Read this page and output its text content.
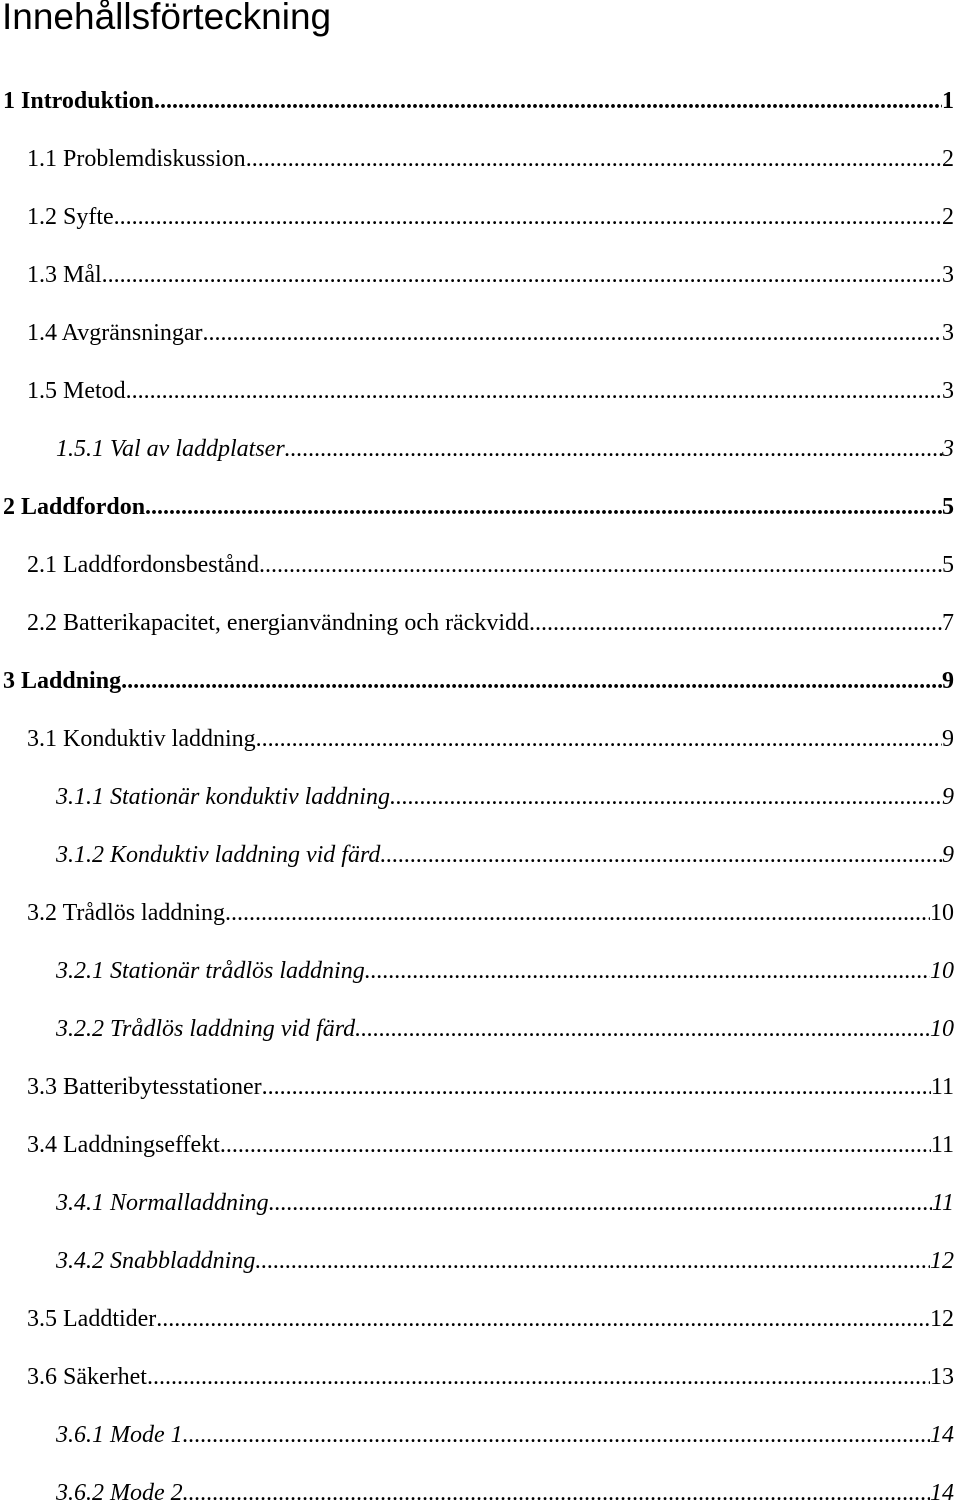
Innehållsförteckning
1 Introduktion .....	1
1.1 Problemdiskussion .....	2
1.2 Syfte .....	2
1.3 Mål .....	3
1.4 Avgränsningar .....	3
1.5 Metod .....	3
1.5.1 Val av laddplatser .....	3
2 Laddfordon .....	5
2.1 Laddfordonsbestånd .....	5
2.2 Batterikapacitet, energianvändning och räckvidd .....	7
3 Laddning .....	9
3.1 Konduktiv laddning .....	9
3.1.1 Stationär konduktiv laddning .....	9
3.1.2 Konduktiv laddning vid färd .....	9
3.2 Trådlös laddning .....	10
3.2.1 Stationär trådlös laddning .....	10
3.2.2 Trådlös laddning vid färd .....	10
3.3 Batteribytesstationer .....	11
3.4 Laddningseffekt .....	11
3.4.1 Normalladdning .....	11
3.4.2 Snabbladdning .....	12
3.5 Laddtider .....	12
3.6 Säkerhet .....	13
3.6.1 Mode 1 .....	14
3.6.2 Mode 2 .....	14
